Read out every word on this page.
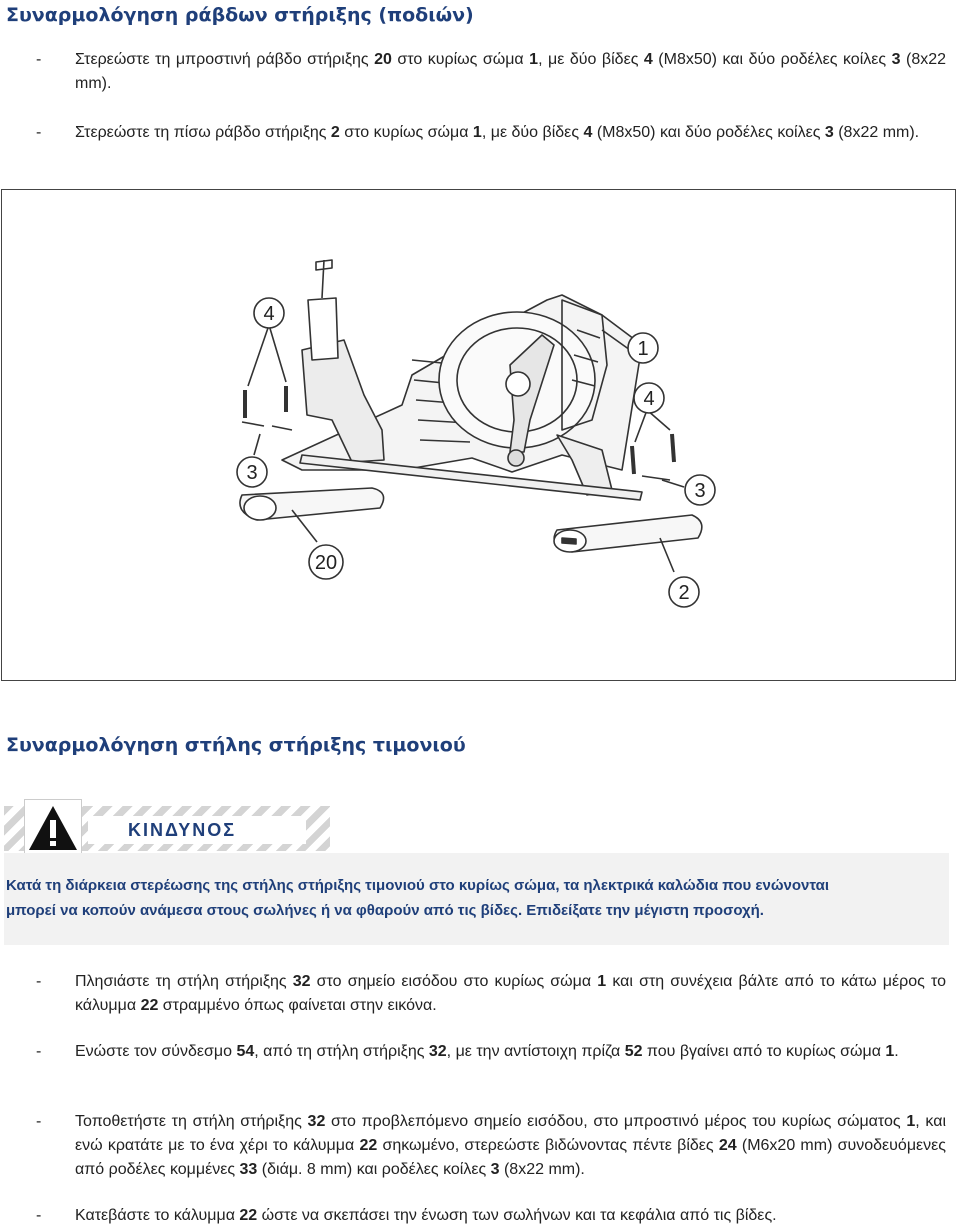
Συναρμολόγηση ράβδων στήριξης (ποδιών)
- Στερεώστε τη μπροστινή ράβδο στήριξης 20 στο κυρίως σώμα 1, με δύο βίδες 4 (M8x50) και δύο ροδέλες κοίλες 3 (8x22 mm).
- Στερεώστε τη πίσω ράβδο στήριξης 2 στο κυρίως σώμα 1, με δύο βίδες 4 (M8x50) και δύο ροδέλες κοίλες 3 (8x22 mm).
4
1
4
3
3
20
2
Συναρμολόγηση στήλης στήριξης τιμονιού
ΚΙΝΔΥΝΟΣ
Κατά τη διάρκεια στερέωσης της στήλης στήριξης τιμονιού στο κυρίως σώμα, τα ηλεκτρικά καλώδια που ενώνονται
μπορεί να κοπούν ανάμεσα στους σωλήνες ή να φθαρούν από τις βίδες. Επιδείξατε την μέγιστη προσοχή.
- Πλησιάστε τη στήλη στήριξης 32 στο σημείο εισόδου στο κυρίως σώμα 1 και στη συνέχεια βάλτε από το κάτω μέρος το κάλυμμα 22 στραμμένο όπως φαίνεται στην εικόνα.
- Ενώστε τον σύνδεσμο 54, από τη στήλη στήριξης 32, με την αντίστοιχη πρίζα 52 που βγαίνει από το κυρίως σώμα 1.
- Τοποθετήστε τη στήλη στήριξης 32 στο προβλεπόμενο σημείο εισόδου, στο μπροστινό μέρος του κυρίως σώματος 1, και ενώ κρατάτε με το ένα χέρι το κάλυμμα 22 σηκωμένο, στερεώστε βιδώνοντας πέντε βίδες 24 (M6x20 mm) συνοδευόμενες από ροδέλες κομμένες 33 (διάμ. 8 mm) και ροδέλες κοίλες 3 (8x22 mm).
- Κατεβάστε το κάλυμμα 22 ώστε να σκεπάσει την ένωση των σωλήνων και τα κεφάλια από τις βίδες.
